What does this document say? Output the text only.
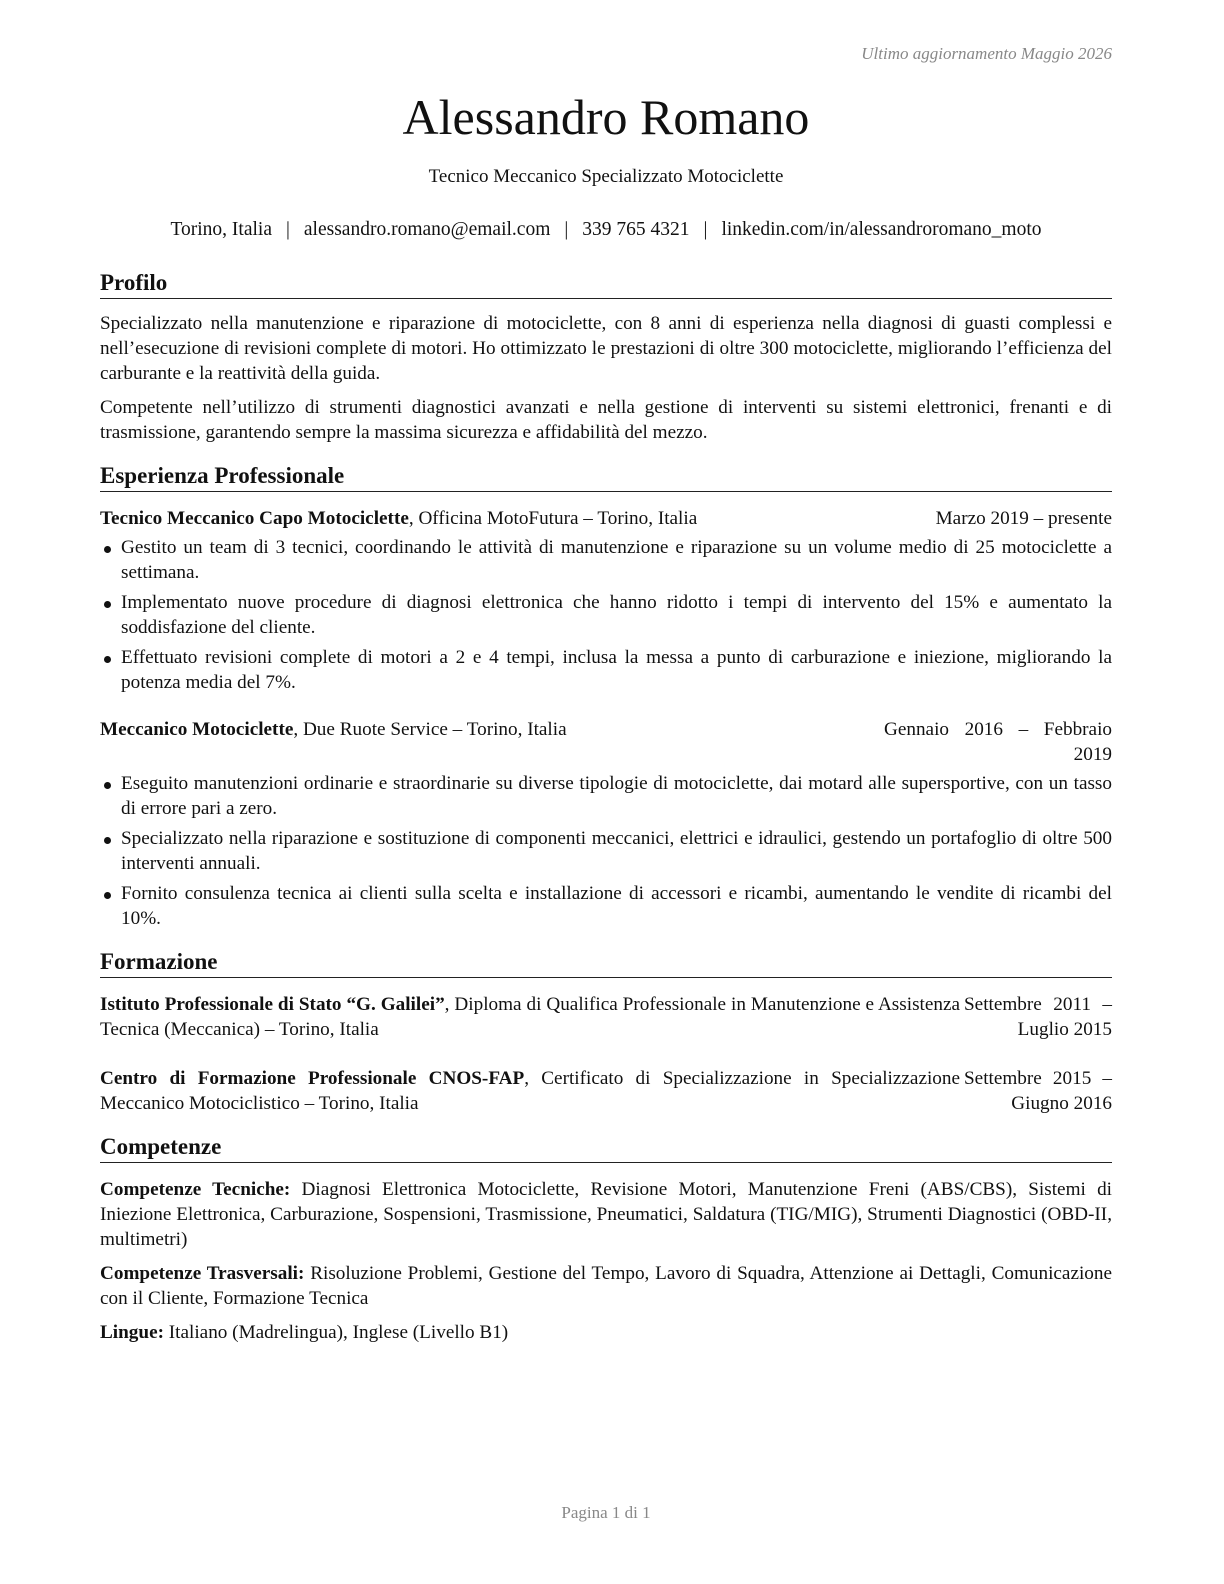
Ultimo aggiornamento Maggio 2026
Alessandro Romano
Tecnico Meccanico Specializzato Motociclette
Torino, Italia | alessandro.romano@email.com | 339 765 4321 | linkedin.com/in/alessandroromano_moto
Profilo

Specializzato nella manutenzione e riparazione di motociclette, con 8 anni di esperienza nella diagnosi di guasti complessi e nell’esecuzione di revisioni complete di motori. Ho ottimizzato le prestazioni di oltre 300 motociclette, migliorando l’efficienza del carburante e la reattività della guida.

Competente nell’utilizzo di strumenti diagnostici avanzati e nella gestione di interventi su sistemi elettronici, frenanti e di trasmissione, garantendo sempre la massima sicurezza e affidabilità del mezzo.

Esperienza Professionale
Tecnico Meccanico Capo Motociclette, Officina MotoFutura – Torino, Italia	Marzo 2019 – presente
Gestito un team di 3 tecnici, coordinando le attività di manutenzione e riparazione su un volume medio di 25 motociclette a settimana.
Implementato nuove procedure di diagnosi elettronica che hanno ridotto i tempi di intervento del 15% e aumentato la soddisfazione del cliente.
Effettuato revisioni complete di motori a 2 e 4 tempi, inclusa la messa a punto di carburazione e iniezione, migliorando la potenza media del 7%.
Meccanico Motociclette, Due Ruote Service – Torino, Italia	Gennaio 2016 – Febbraio 2019
Eseguito manutenzioni ordinarie e straordinarie su diverse tipologie di motociclette, dai motard alle supersportive, con un tasso di errore pari a zero.
Specializzato nella riparazione e sostituzione di componenti meccanici, elettrici e idraulici, gestendo un portafoglio di oltre 500 interventi annuali.
Fornito consulenza tecnica ai clienti sulla scelta e installazione di accessori e ricambi, aumentando le vendite di ricambi del 10%.
Formazione
Istituto Professionale di Stato “G. Galilei”, Diploma di Qualifica Professionale in Manutenzione e Assistenza Tecnica (Meccanica) – Torino, Italia
Settembre 2011 – Luglio 2015
Centro di Formazione Professionale CNOS-FAP, Certificato di Specializzazione in Specializzazione Meccanico Motociclistico – Torino, Italia
Settembre 2015 – Giugno 2016
Competenze

Competenze Tecniche: Diagnosi Elettronica Motociclette, Revisione Motori, Manutenzione Freni (ABS/CBS), Sistemi di Iniezione Elettronica, Carburazione, Sospensioni, Trasmissione, Pneumatici, Saldatura (TIG/MIG), Strumenti Diagnostici (OBD-II, multimetri)

Competenze Trasversali: Risoluzione Problemi, Gestione del Tempo, Lavoro di Squadra, Attenzione ai Dettagli, Comunicazione con il Cliente, Formazione Tecnica

Lingue: Italiano (Madrelingua), Inglese (Livello B1)

Pagina 1 di 1
